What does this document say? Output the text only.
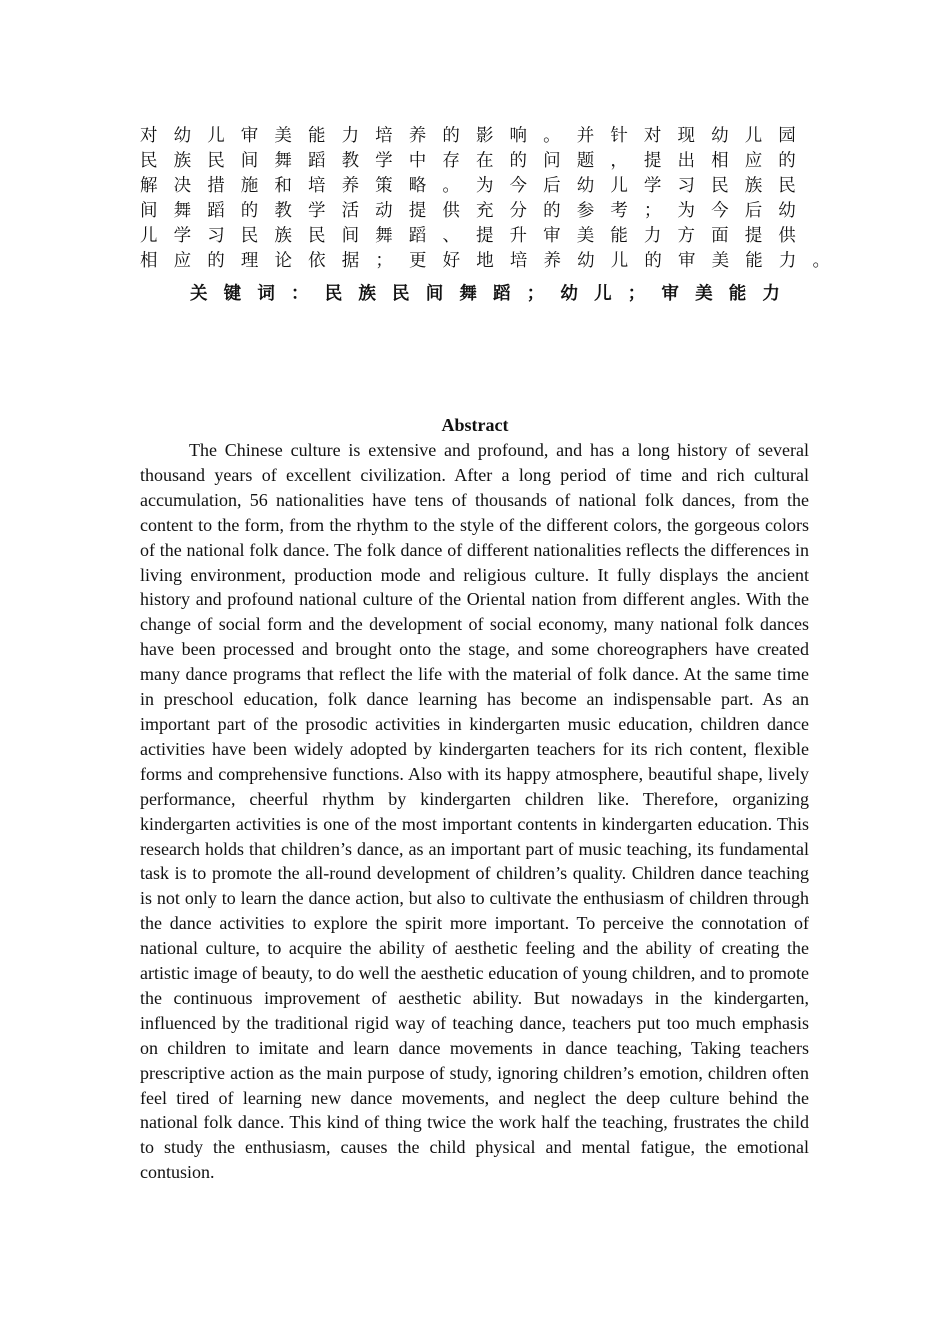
对 幼 儿 审 美 能 力 培 养 的 影 响 。 并 针 对 现 幼 儿 园
民 族 民 间 舞 蹈 教 学 中 存 在 的 问 题 ， 提 出 相 应 的
解 决 措 施 和 培 养 策 略 。 为 今 后 幼 儿 学 习 民 族 民
间 舞 蹈 的 教 学 活 动 提 供 充 分 的 参 考 ； 为 今 后 幼
儿 学 习 民 族 民 间 舞 蹈 、 提 升 审 美 能 力 方 面 提 供
相 应 的 理 论 依 据 ； 更 好 地 培 养 幼 儿 的 审 美 能 力 。
关 键 词 ： 民 族 民 间 舞 蹈 ； 幼 儿 ； 审 美 能 力
Abstract

The Chinese culture is extensive and profound, and has a long history of several thousand years of excellent civilization. After a long period of time and rich cultural accumulation, 56 nationalities have tens of thousands of national folk dances, from the content to the form, from the rhythm to the style of the different colors, the gorgeous colors of the national folk dance. The folk dance of different nationalities reflects the differences in living environment, production mode and religious culture. It fully displays the ancient history and profound national culture of the Oriental nation from different angles. With the change of social form and the development of social economy, many national folk dances have been processed and brought onto the stage, and some choreographers have created many dance programs that reflect the life with the material of folk dance. At the same time in preschool education, folk dance learning has become an indispensable part. As an important part of the prosodic activities in kindergarten music education, children dance activities have been widely adopted by kindergarten teachers for its rich content, flexible forms and comprehensive functions. Also with its happy atmosphere, beautiful shape, lively performance, cheerful rhythm by kindergarten children like. Therefore, organizing kindergarten activities is one of the most important contents in kindergarten education. This research holds that children’s dance, as an important part of music teaching, its fundamental task is to promote the all-round development of children’s quality. Children dance teaching is not only to learn the dance action, but also to cultivate the enthusiasm of children through the dance activities to explore the spirit more important. To perceive the connotation of national culture, to acquire the ability of aesthetic feeling and the ability of creating the artistic image of beauty, to do well the aesthetic education of young children, and to promote the continuous improvement of aesthetic ability. But nowadays in the kindergarten, influenced by the traditional rigid way of teaching dance, teachers put too much emphasis on children to imitate and learn dance movements in dance teaching, Taking teachers prescriptive action as the main purpose of study, ignoring children’s emotion, children often feel tired of learning new dance movements, and neglect the deep culture behind the national folk dance. This kind of thing twice the work half the teaching, frustrates the child to study the enthusiasm, causes the child physical and mental fatigue, the emotional contusion.
